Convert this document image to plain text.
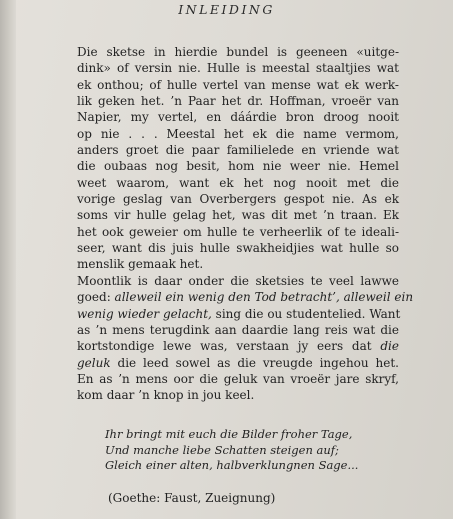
INLEIDING
Die sketse in hierdie bundel is geeneen «uitge-
dink» of versin nie. Hulle is meestal staaltjies wat
ek onthou; of hulle vertel van mense wat ek werk-
lik geken het. ’n Paar het dr. Hoffman, vroeër van
Napier, my vertel, en dáárdie bron droog nooit
op nie . . . Meestal het ek die name vermom,
anders groet die paar familielede en vriende wat
die oubaas nog besit, hom nie weer nie. Hemel
weet waarom, want ek het nog nooit met die
vorige geslag van Overbergers gespot nie. As ek
soms vir hulle gelag het, was dit met ’n traan. Ek
het ook geweier om hulle te verheerlik of te ideali-
seer, want dis juis hulle swakheidjies wat hulle so
menslik gemaak het.
Moontlik is daar onder die sketsies te veel lawwe
goed: alleweil ein wenig den Tod betracht’, alleweil ein
wenig wieder gelacht, sing die ou studentelied. Want
as ’n mens terugdink aan daardie lang reis wat die
kortstondige lewe was, verstaan jy eers dat die
geluk die leed sowel as die vreugde ingehou het.
En as ’n mens oor die geluk van vroeër jare skryf,
kom daar ’n knop in jou keel.
Ihr bringt mit euch die Bilder froher Tage,
Und manche liebe Schatten steigen auf;
Gleich einer alten, halbverklungnen Sage...
(Goethe: Faust, Zueignung)
